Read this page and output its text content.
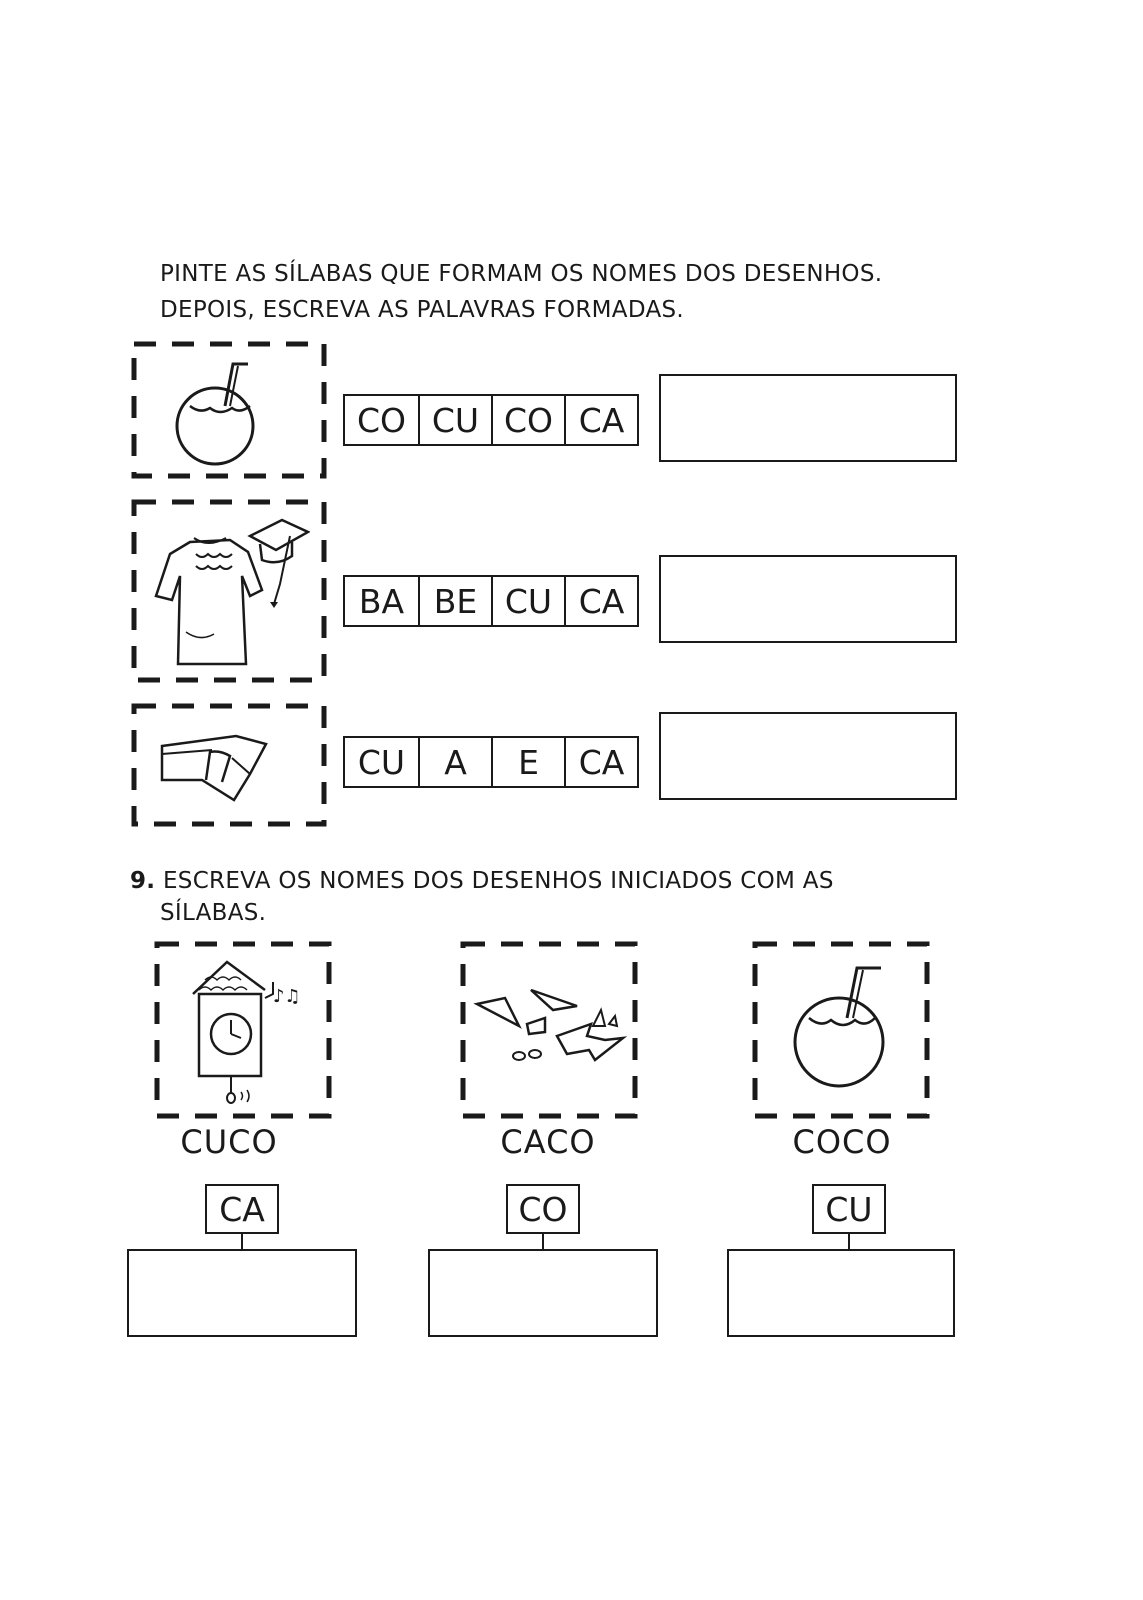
PINTE AS SÍLABAS QUE FORMAM OS NOMES DOS DESENHOS.
DEPOIS, ESCREVA AS PALAVRAS FORMADAS.
CO CU CO CA
BA BE CU CA
CU	A	E	CA
9. ESCREVA OS NOMES DOS DESENHOS INICIADOS COM AS
SÍLABAS.
♪♫
CUCO
CA
CACO
CO
COCO
CU
